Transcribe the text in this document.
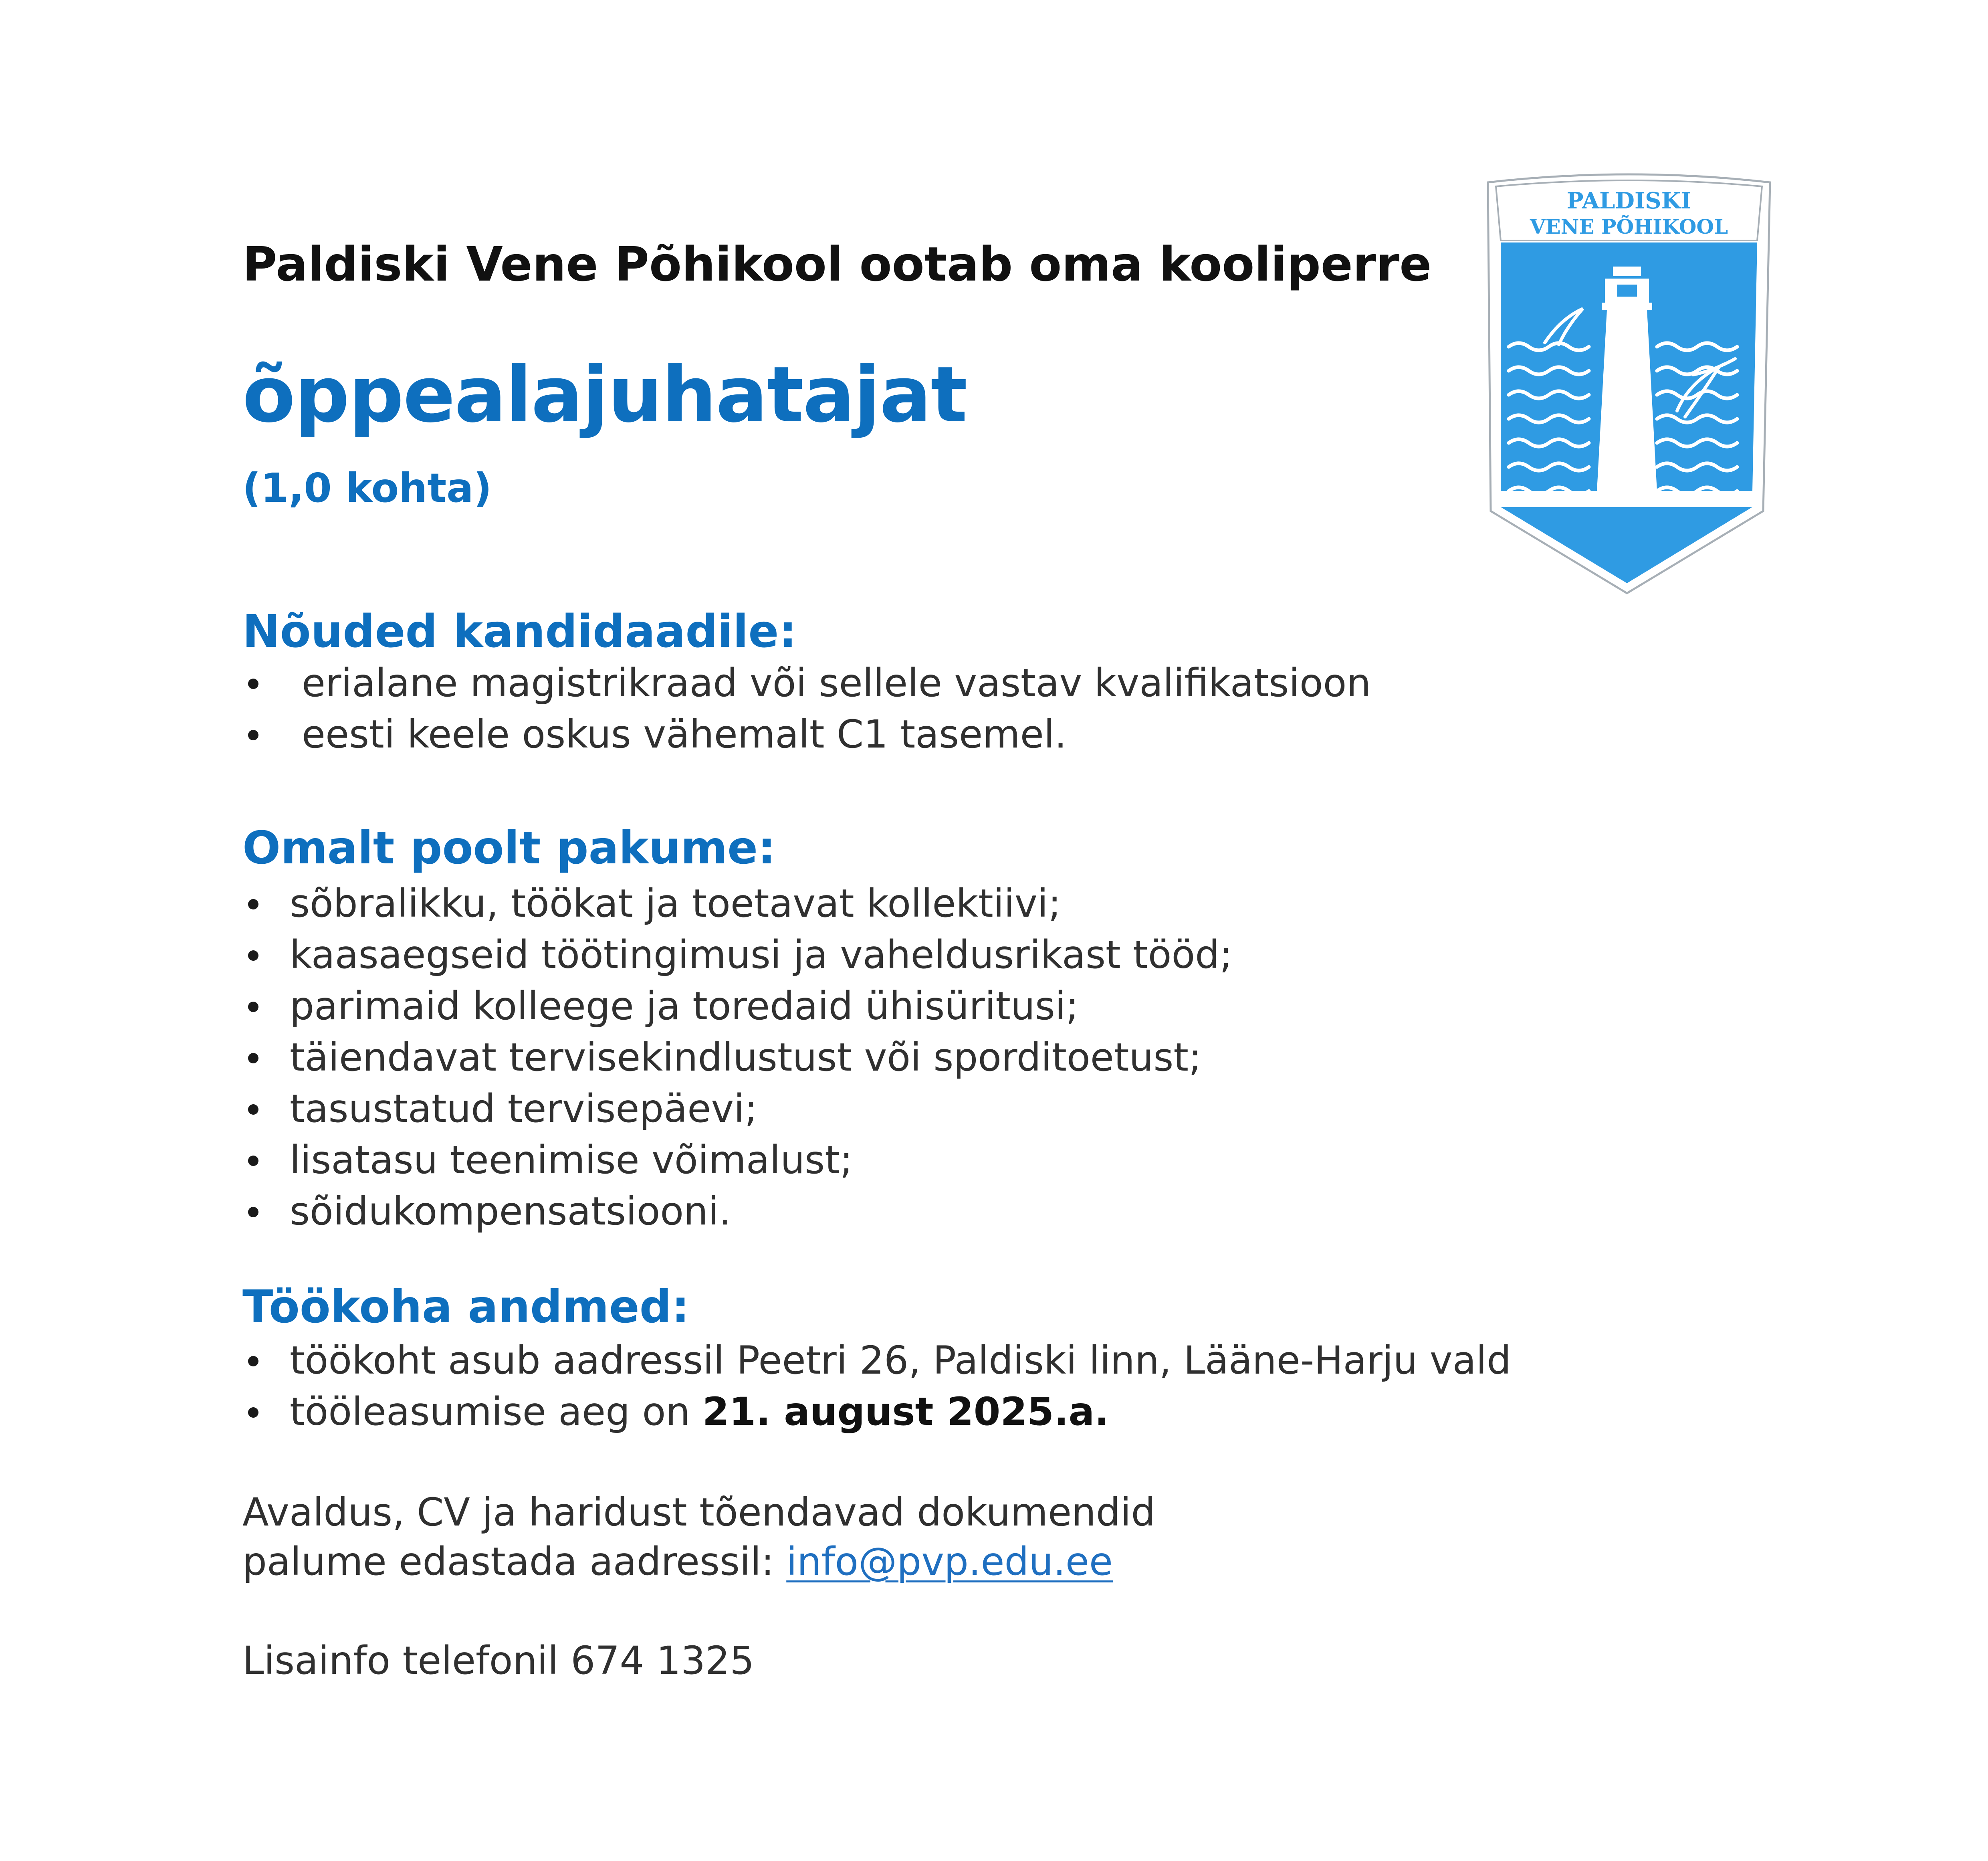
Paldiski Vene Põhikool ootab oma kooliperre
õppealajuhatajat
(1,0 kohta)
PALDISKI
VENE PÕHIKOOL
Nõuded kandidaadile:
erialane magistrikraad või sellele vastav kvalifikatsioon
eesti keele oskus vähemalt C1 tasemel.
Omalt poolt pakume:
sõbralikku, töökat ja toetavat kollektiivi;
kaasaegseid töötingimusi ja vaheldusrikast tööd;
parimaid kolleege ja toredaid ühisüritusi;
täiendavat tervisekindlustust või sporditoetust;
tasustatud tervisepäevi;
lisatasu teenimise võimalust;
sõidukompensatsiooni.
Töökoha andmed:
töökoht asub aadressil Peetri 26, Paldiski linn, Lääne-Harju vald
tööleasumise aeg on 21. august 2025.a.
Avaldus, CV ja haridust tõendavad dokumendid
palume edastada aadressil: info@pvp.edu.ee
Lisainfo telefonil 674 1325
